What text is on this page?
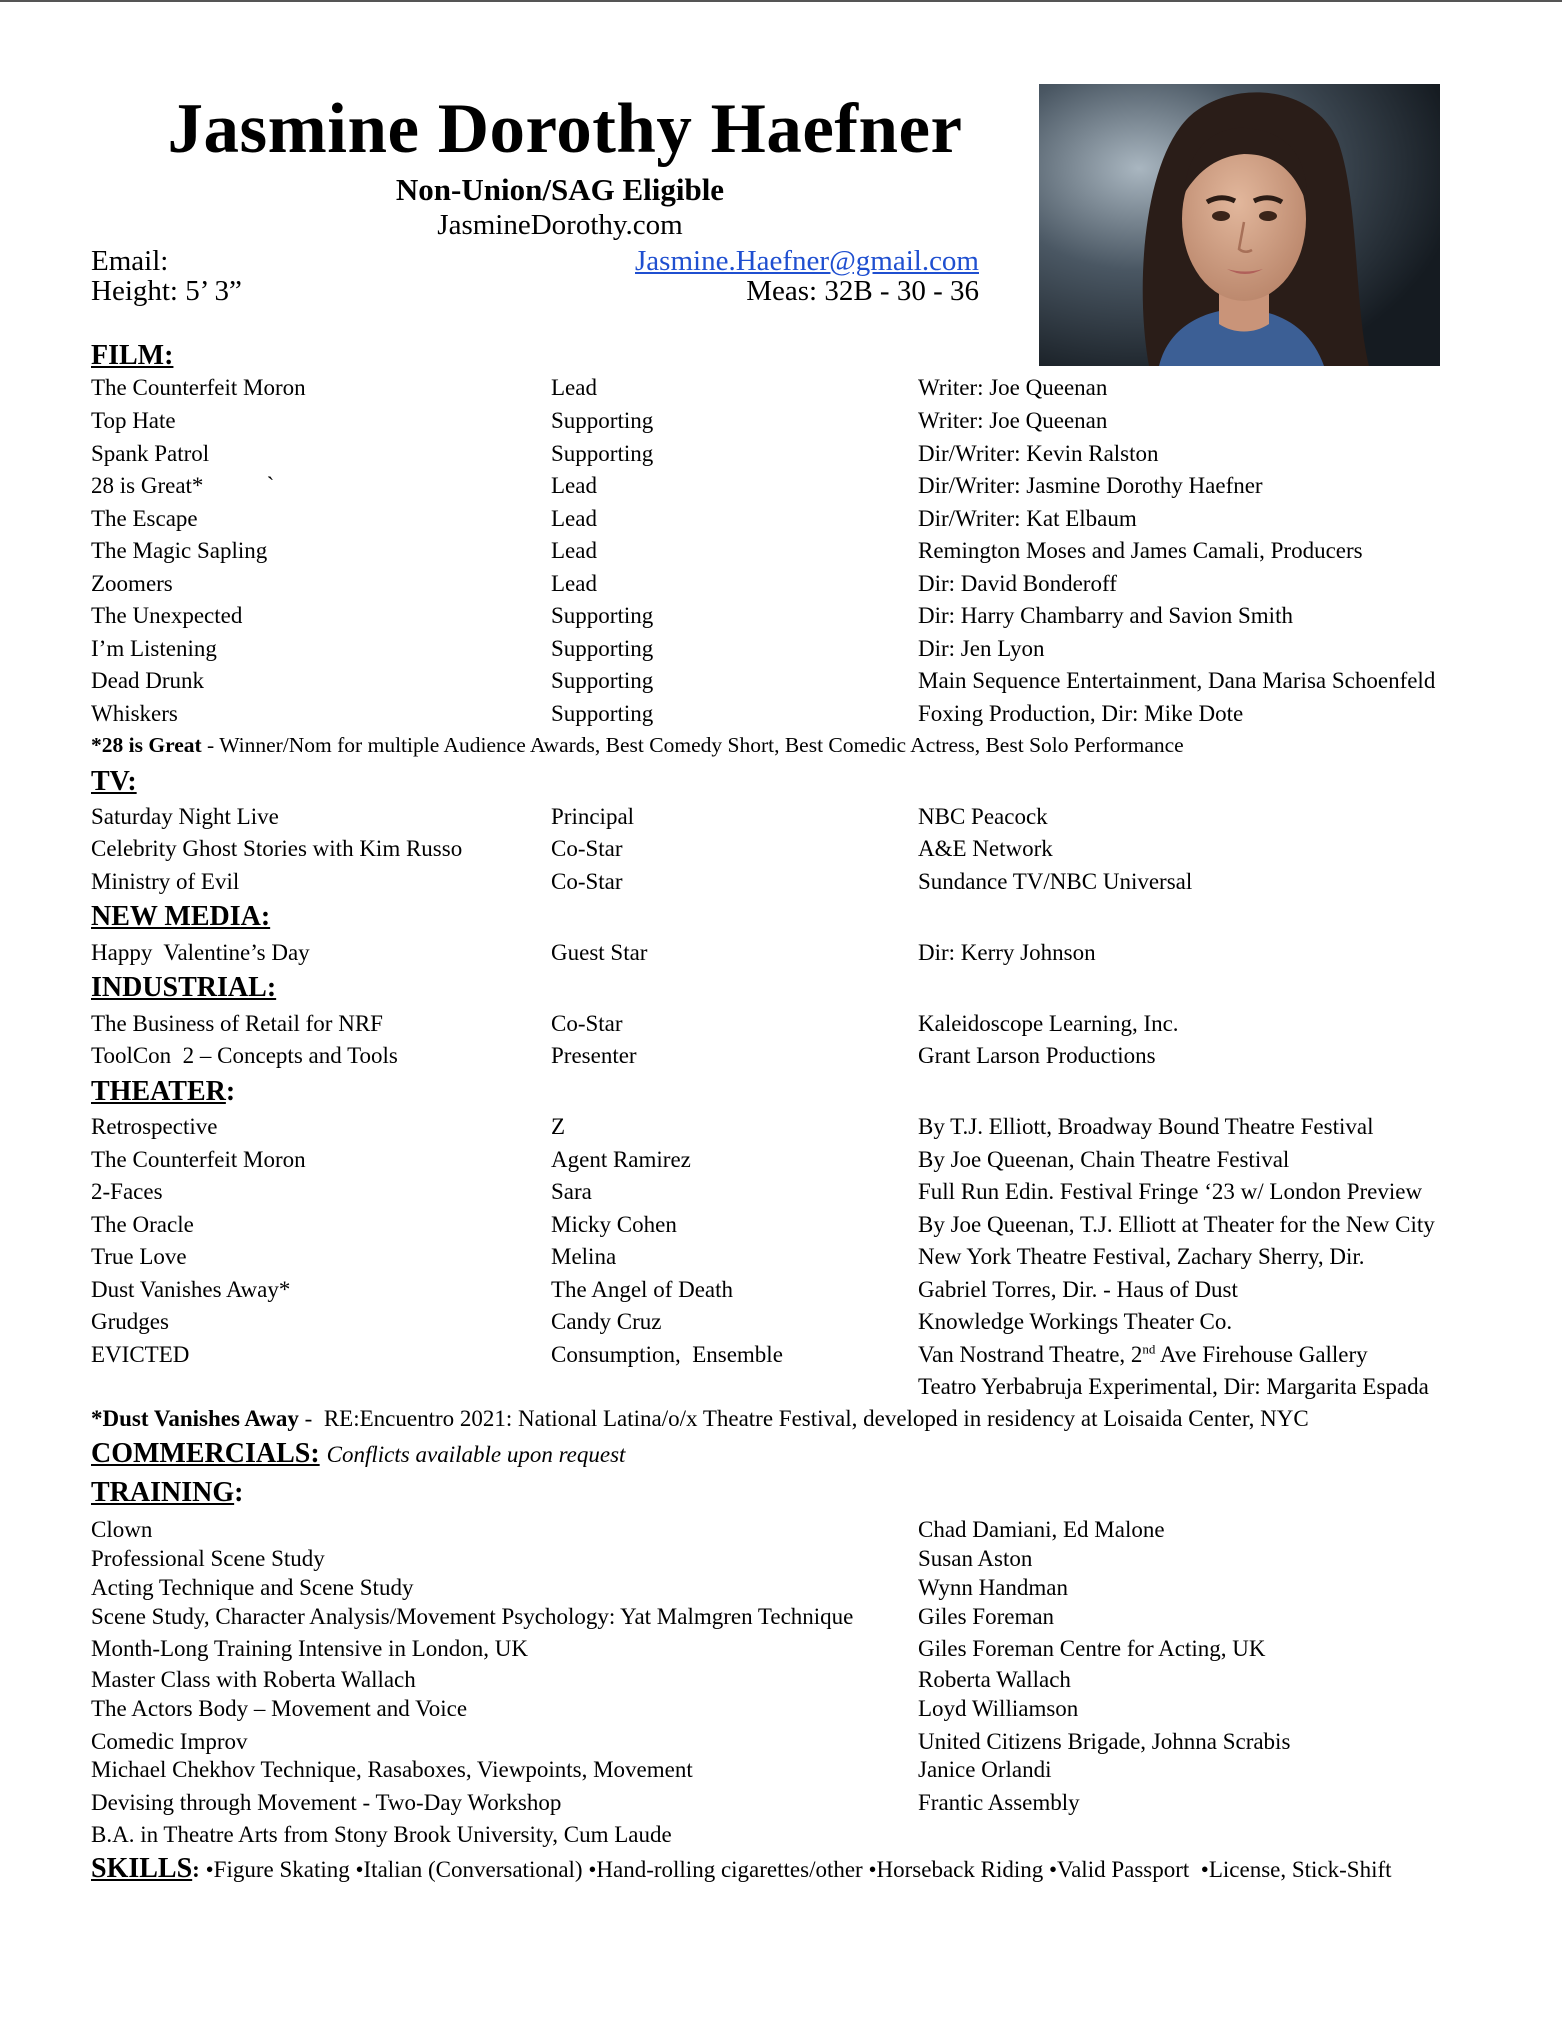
Jasmine Dorothy Haefner
Non-Union/SAG Eligible
JasmineDorothy.com
Email:	Jasmine.Haefner@gmail.com
Height: 5’ 3”	Meas: 32B - 30 - 36
FILM:
The Counterfeit Moron	Lead	Writer: Joe Queenan
Top Hate	Supporting	Writer: Joe Queenan
Spank Patrol	Supporting	Dir/Writer: Kevin Ralston
28 is Great*           `	Lead	Dir/Writer: Jasmine Dorothy Haefner
The Escape	Lead	Dir/Writer: Kat Elbaum
The Magic Sapling	Lead	Remington Moses and James Camali, Producers
Zoomers	Lead	Dir: David Bonderoff
The Unexpected	Supporting	Dir: Harry Chambarry and Savion Smith
I’m Listening	Supporting	Dir: Jen Lyon
Dead Drunk	Supporting	Main Sequence Entertainment, Dana Marisa Schoenfeld
Whiskers	Supporting	Foxing Production, Dir: Mike Dote
*28 is Great - Winner/Nom for multiple Audience Awards, Best Comedy Short, Best Comedic Actress, Best Solo Performance
TV:
Saturday Night Live	Principal	NBC Peacock
Celebrity Ghost Stories with Kim Russo	Co-Star	A&E Network
Ministry of Evil	Co-Star	Sundance TV/NBC Universal
NEW MEDIA:
Happy  Valentine’s Day	Guest Star	Dir: Kerry Johnson
INDUSTRIAL:
The Business of Retail for NRF	Co-Star	Kaleidoscope Learning, Inc.
ToolCon  2 – Concepts and Tools	Presenter	Grant Larson Productions
THEATER:
Retrospective	Z	By T.J. Elliott, Broadway Bound Theatre Festival
The Counterfeit Moron	Agent Ramirez	By Joe Queenan, Chain Theatre Festival
2-Faces	Sara	Full Run Edin. Festival Fringe ‘23 w/ London Preview
The Oracle	Micky Cohen	By Joe Queenan, T.J. Elliott at Theater for the New City
True Love	Melina	New York Theatre Festival, Zachary Sherry, Dir.
Dust Vanishes Away*	The Angel of Death	Gabriel Torres, Dir. - Haus of Dust
Grudges	Candy Cruz	Knowledge Workings Theater Co.
EVICTED	Consumption,  Ensemble	Van Nostrand Theatre, 2nd Ave Firehouse Gallery
Teatro Yerbabruja Experimental, Dir: Margarita Espada
*Dust Vanishes Away -  RE:Encuentro 2021: National Latina/o/x Theatre Festival, developed in residency at Loisaida Center, NYC
COMMERCIALS: Conflicts available upon request
TRAINING:
Clown	Chad Damiani, Ed Malone
Professional Scene Study	Susan Aston
Acting Technique and Scene Study	Wynn Handman
Scene Study, Character Analysis/Movement Psychology: Yat Malmgren Technique	Giles Foreman
Month-Long Training Intensive in London, UK	Giles Foreman Centre for Acting, UK
Master Class with Roberta Wallach	Roberta Wallach
The Actors Body – Movement and Voice	Loyd Williamson
Comedic Improv	United Citizens Brigade, Johnna Scrabis
Michael Chekhov Technique, Rasaboxes, Viewpoints, Movement	Janice Orlandi
Devising through Movement - Two-Day Workshop	Frantic Assembly
B.A. in Theatre Arts from Stony Brook University, Cum Laude
SKILLS: •Figure Skating •Italian (Conversational) •Hand-rolling cigarettes/other •Horseback Riding •Valid Passport  •License, Stick-Shift
